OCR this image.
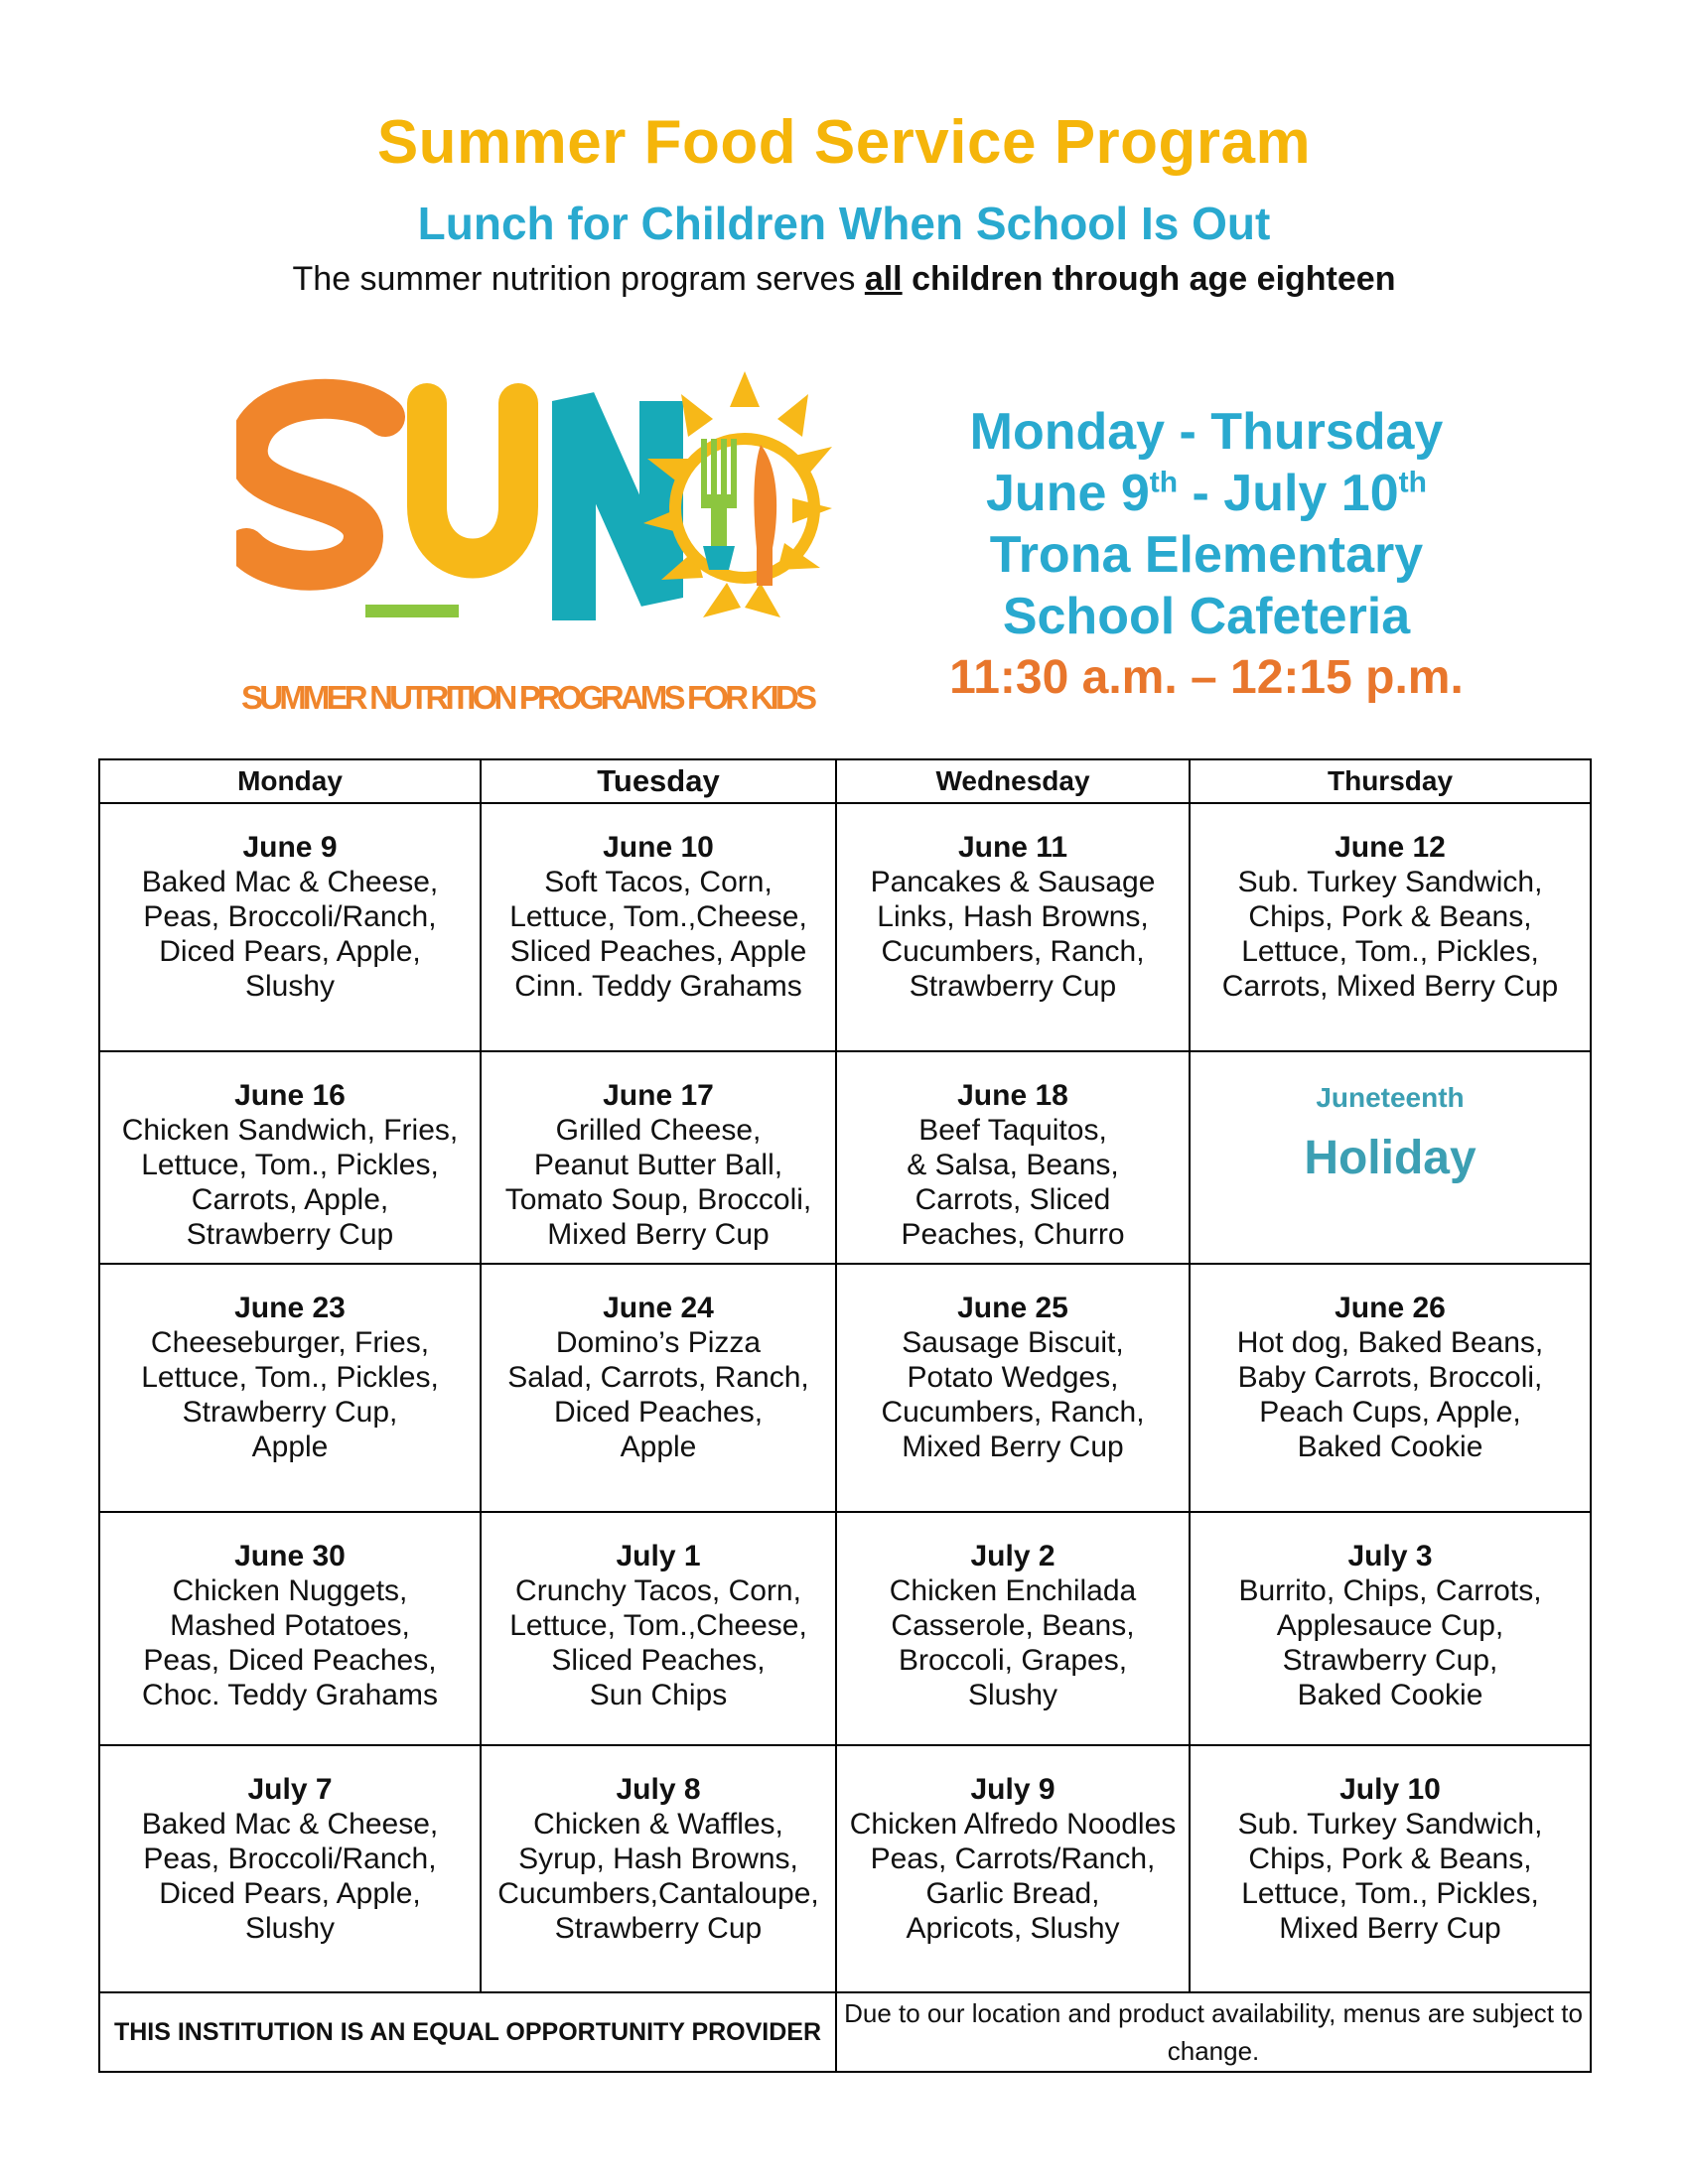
Summer Food Service Program
Lunch for Children When School Is Out
The summer nutrition program serves all children through age eighteen
SUMMER NUTRITION PROGRAMS FOR KIDS
Monday - Thursday
June 9th - July 10th
Trona Elementary
School Cafeteria
11:30 a.m. – 12:15 p.m.
Monday	Tuesday	Wednesday	Thursday

June 9
Baked Mac & Cheese,
Peas, Broccoli/Ranch,
Diced Pears, Apple,
Slushy	June 10
Soft Tacos, Corn,
Lettuce, Tom.,Cheese,
Sliced Peaches, Apple
Cinn. Teddy Grahams	June 11
Pancakes & Sausage
Links, Hash Browns,
Cucumbers, Ranch,
Strawberry Cup	June 12
Sub. Turkey Sandwich,
Chips, Pork & Beans,
Lettuce, Tom., Pickles,
Carrots, Mixed Berry Cup

June 16
Chicken Sandwich, Fries,
Lettuce, Tom., Pickles,
Carrots, Apple,
Strawberry Cup	June 17
Grilled Cheese,
Peanut Butter Ball,
Tomato Soup, Broccoli,
Mixed Berry Cup	June 18
Beef Taquitos,
& Salsa, Beans,
Carrots, Sliced
Peaches, Churro	Juneteenth
Holiday

June 23
Cheeseburger, Fries,
Lettuce, Tom., Pickles,
Strawberry Cup,
Apple	June 24
Domino’s Pizza
Salad, Carrots, Ranch,
Diced Peaches,
Apple	June 25
Sausage Biscuit,
Potato Wedges,
Cucumbers, Ranch,
Mixed Berry Cup	June 26
Hot dog, Baked Beans,
Baby Carrots, Broccoli,
Peach Cups, Apple,
Baked Cookie

June 30
Chicken Nuggets,
Mashed Potatoes,
Peas, Diced Peaches,
Choc. Teddy Grahams	July 1
Crunchy Tacos, Corn,
Lettuce, Tom.,Cheese,
Sliced Peaches,
Sun Chips	July 2
Chicken Enchilada
Casserole, Beans,
Broccoli, Grapes,
Slushy	July 3
Burrito, Chips, Carrots,
Applesauce Cup,
Strawberry Cup,
Baked Cookie

July 7
Baked Mac & Cheese,
Peas, Broccoli/Ranch,
Diced Pears, Apple,
Slushy	July 8
Chicken & Waffles,
Syrup, Hash Browns,
Cucumbers,Cantaloupe,
Strawberry Cup	July 9
Chicken Alfredo Noodles
Peas, Carrots/Ranch,
Garlic Bread,
Apricots, Slushy	July 10
Sub. Turkey Sandwich,
Chips, Pork & Beans,
Lettuce, Tom., Pickles,
Mixed Berry Cup

THIS INSTITUTION IS AN EQUAL OPPORTUNITY PROVIDER		Due to our location and product availability, menus are subject to change.	
